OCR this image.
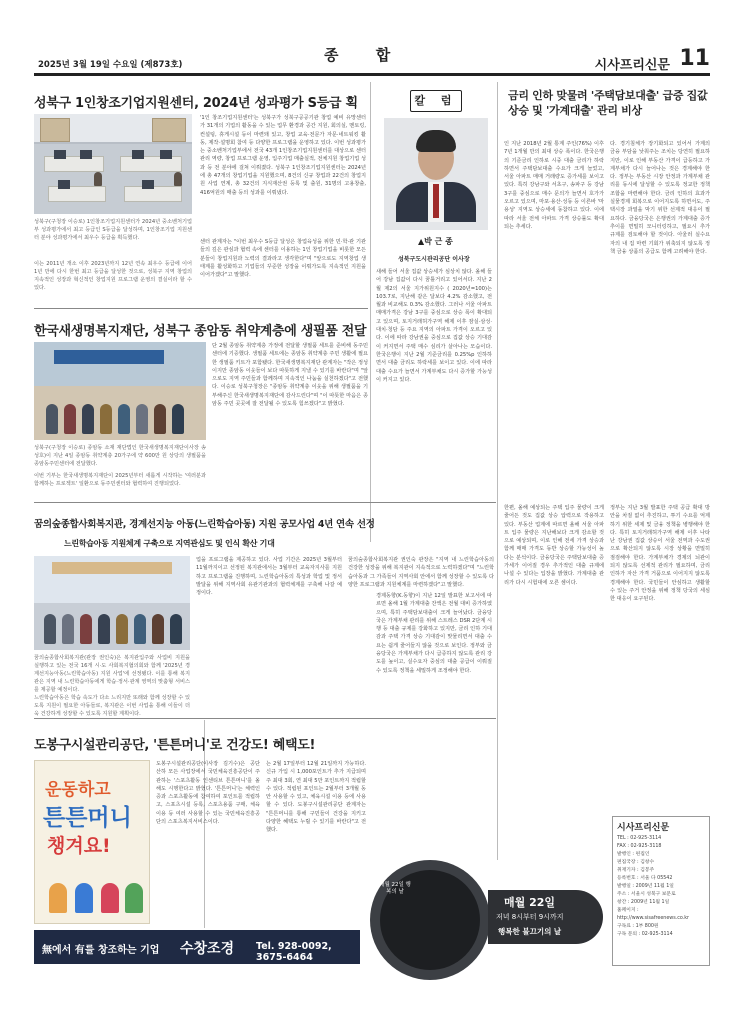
2025년 3월 19일 수요일 (제873호)
종 합
시사프리신문 11
성북구 1인창조기업지원센터, 2024년 성과평가 S등급 획
성북구(구청장 이승로) 1인창조기업지원센터가 2024년 중소벤처기업부 성과평가에서 최고 등급인 S등급을 달성하며, 1인창조기업 지원센터 분야 성과평가에서 최우수 등급을 획득했다.
이는 2011년 개소 이후 2023년까지 12년 연속 최우수 등급에 이어 1년 만에 다시 한번 최고 등급을 달성한 것으로, 성북구 지역 창업의 지속적인 성장과 혁신적인 창업지원 프로그램 운영의 결실이라 할 수 있다.
'1인 창조기업지원센터'는 성북구가 성북구공공기관 창업 예비 유망센터가 31개의 기업의 활동을 수 있는 업무 환경과 공간 지원, 회의실, 멘토링, 컨설팅, 휴게시설 등이 마련돼 있고, 창업 교육·전문가 자문·네트워킹 활동, 제작·설명회 참여 등 다양한 프로그램을 운영하고 있다. 이번 성과평가는 중소벤처기업부에서 전국 43개 1인창조기업지원센터를 대상으로 센터 관리 역량, 창업 프로그램 운영, 입주기업 매출실적, 전체지원 창업기업 성과 등 전 분야에 걸쳐 이뤄졌다. 성북구 1인창조기업지원센터는 2024년에 총 47개의 창업기업을 지원했으며, 8건의 신규 창업과 22건의 창업지원 사업 연계, 총 32건의 지식재산권 등록 및 출원, 31명의 고용창출, 416억원의 매출 등의 성과를 이뤄냈다.
센터 관계자는 "이번 최우수 S등급 달성은 창업육성을 위한 민·학·관 기관들의 깊은 관심과 협력 속에 센터를 이용하는 1인 창업기업을 비롯한 모든 분들이 창업지원과 노력의 결과라고 생각한다"며 "앞으로도 지역창업 생태계를 활성화하고 기업들의 꾸준한 성장을 이뤄가도록 지속적인 지원을 이어가겠다"고 말했다.
한국새생명복지재단, 성북구 종암동 취약계층에 생필품 전달
성북구(구청장 이승로) 종암동 소재 재단법인 한국새생명복지재단이사장 송성호)이 지난 4일 종암동 취약계층 20가구에 약 600만 원 상당의 생필품을 종암동주민센터에 전달했다.
이번 기부는 한국새생명복지재단이 2025년부터 새롭게 시작하는 '여러분과 함께하는 프로젝트' 일환으로 동주민센터와 협력하여 진행되었다.
단 2월 종암동 취약계층 가정에 전달할 생필품 세트를 준비해 동주민센터에 기증했다. 생필품 세트에는 종암동 취약계층 주민 생활에 필요한 생필품 키트가 포함됐다. 한국새생명복지재단 관계자는 "작은 정성이지만 종암동 이웃들이 보다 따뜻하게 지낼 수 있기를 바란다"며 "앞으로도 지역 주민들과 함께하며 지속적인 나눔을 실천하겠다"고 전했다. 이승로 성북구청장은 "종암동 취약계층 이웃을 위해 생필품을 기부해주신 한국새생명복지재단에 감사드린다"며 "이 따뜻한 마음은 종암동 주민 곳곳에 잘 전달될 수 있도록 힘쓰겠다"고 밝혔다.
꿈의숲종합사회복지관, 경계선지능 아동(느린학습아동) 지원 공모사업 4년 연속 선정
느린학습아동 지원체계 구축으로 지역관심도 및 인식 확산 기대
꿈의숲종합사회복지관(관장 권인숙)은 복지관입주와 사업비 지원을 실행하고 있는 전국 16개 시·도 사회복지협의회와 함께 '2025년 경계선지능아동(느린학습아동) 지원 사업'에 선정됐다. 이를 통해 복지관은 지역 내 느린학습아동에게 학습·정서·관계 영역의 맞춤형 서비스를 제공할 예정이다.
느린학습아동은 학습 속도가 다소 느리지만 또래와 함께 성장할 수 있도록 지원이 필요한 아동들로, 복지관은 이번 사업을 통해 이들이 더욱 건강하게 성장할 수 있도록 지원할 계획이다.
업을 프로그램을 제공하고 있다. 사업 기간은 2025년 3월부터 11월까지이고 선정된 복지관에서는 3월부터 교육자지사를 지원하고 프로그램을 진행하며, 느린학습아동의 특성과 학업 및 정서발달을 위해 지역사회 유관기관과의 협력체계를 구축해 나갈 예정이다.
꿈의숲종합사회복지관 권인숙 관장은 "지역 내 느린학습아동의 건강한 성장을 위해 복지관이 지속적으로 노력하겠다"며 "느린학습아동과 그 가족들이 지역사회 안에서 함께 성장할 수 있도록 다양한 프로그램과 지원체계를 마련하겠다"고 말했다.
도봉구시설관리공단, '튼튼머니'로 건강도! 혜택도!
운동하고
튼튼머니
챙겨요!
도봉구시설관리공단(이사장 김기수)은 공단 산하 모든 사업장에서 국민체육진흥공단이 주관하는 '스포츠활동 인센티브 튼튼머니'를 올해도 시행한다고 밝혔다. '튼튼머니'는 체력인증과 스포츠활동에 참여하여 포인트를 적립하고, 스포츠시설 등록, 스포츠용품 구매, 체육 이용 등 여러 사용할 수 있는 국민체육진흥공단의 스포츠복지서비스이다.
는 2월 17일부터 12월 21일까지 가능하다. 신규 가입 시 1,000포인트가 추가 지급되며 주 최대 3회, 연 최대 5만 포인트까지 적립할 수 있다. 적립된 포인트는 2월부터 3개월 동안 사용할 수 있고, 체육시설 이용 등에 사용할 수 있다. 도봉구시설관리공단 관계자는 "튼튼머니를 통해 구민들이 건강을 지키고 다양한 혜택도 누릴 수 있기를 바란다"고 전했다.
無에서 有를 창조하는 기업 수창조경 Tel. 928-0092, 3675-6464
칼 럼
▲박 근 종
성북구도시관리공단 이사장
새해 들어 서울 집값 상승세가 심상치 않다. 올해 들어 강남 집값이 다시 꿈틀거리고 있어서다. 지난 2월 제2의 서울 지가위원지수 ( 2020년=100)는 103.7로, 지난해 같은 달보다 4.2% 감소했고, 전월과 비교해도 0.3% 감소했다. 그러나 서울 아파트 매매가격은 강남 3구를 중심으로 상승 폭이 확대되고 있으며, 토지거래허가구역 해제 이후 잠실·삼성·대치·청담 등 주요 지역의 아파트 가격이 오르고 있다. 이에 따라 강남권을 중심으로 집값 상승 기대감이 커지면서 주택 매수 심리가 살아나는 모습이다. 한국은행이 지난 2월 기준금리를 0.25%p 인하하면서 대출 금리도 하락세를 보이고 있다. 이에 따라 대출 수요가 늘면서 가계부채도 다시 증가할 가능성이 커지고 있다.
경제동향(K.동향)이 지난 12일 발표한 보고서에 따르면 올해 1월 가계대출 잔액은 전월 대비 증가하였으며, 특히 주택담보대출이 크게 늘어났다. 금융당국은 가계부채 관리를 위해 스트레스 DSR 2단계 시행 등 대출 규제를 강화하고 있지만, 금리 인하 기대감과 주택 가격 상승 기대감이 맞물리면서 대출 수요는 쉽게 줄어들지 않을 것으로 보인다. 정부와 금융당국은 가계부채가 다시 급증하지 않도록 관리 강도를 높이고, 실수요자 중심의 대출 공급이 이뤄질 수 있도록 정책을 세밀하게 조정해야 한다.
금리 인하 맞물려 '주택담보대출' 급증 집값 상승 및 '가계대출' 관리 비상
인 지난 2018년 2월 통계 주인(76%) 이후 7년 1개월 만의 최대 상승 폭이다. 한국은행의 기준금리 인하로 시중 대출 금리가 하락하면서 주택담보대출 수요가 크게 늘었고, 서울 아파트 매매 거래량도 증가세를 보이고 있다. 특히 강남구와 서초구, 송파구 등 강남 3구를 중심으로 매수 문의가 늘면서 호가가 오르고 있으며, 마포·용산·성동 등 이른바 '마용성' 지역도 상승세에 동참하고 있다. 이에 따라 서울 전체 아파트 가격 상승률도 확대되는 추세다.
한편, 올해 예상되는 주택 입주 물량이 크게 줄어든 것도 집값 상승 압력으로 작용하고 있다. 부동산 업계에 따르면 올해 서울 아파트 입주 물량은 지난해보다 크게 감소할 것으로 예상되며, 이로 인해 전세 가격 상승과 함께 매매 가격도 동반 상승할 가능성이 높다는 분석이다. 금융당국은 주택담보대출 증가세가 이어질 경우 추가적인 대출 규제에 나설 수 있다는 입장을 밝혔다. 가계대출 관리가 다시 시험대에 오른 셈이다.
다. 경기침체가 장기화되고 있어서 가계의 금융 부담을 낮춰주는 조치는 당연히 필요하지만, 이로 인해 부동산 가격이 급등하고 가계부채가 다시 늘어나는 것은 경계해야 한다. 정부는 부동산 시장 안정과 가계부채 관리를 동시에 달성할 수 있도록 정교한 정책 조합을 마련해야 한다. 금리 인하의 효과가 실물경제 회복으로 이어지도록 하면서도, 주택시장 과열을 막기 위한 선제적 대응이 필요하다. 금융당국은 은행권의 가계대출 증가 추이를 면밀히 모니터링하고, 필요시 추가 규제를 검토해야 할 것이다. 아울러 실수요자의 내 집 마련 기회가 위축되지 않도록 정책 금융 상품의 공급도 함께 고려해야 한다.
정부는 지난 3월 발표한 주택 공급 확대 방안을 차질 없이 추진하고, 투기 수요를 억제하기 위한 세제 및 금융 정책을 병행해야 한다. 특히 토지거래허가구역 해제 이후 나타난 강남권 집값 상승이 서울 전역과 수도권으로 확산되지 않도록 시장 상황을 면밀히 점검해야 한다. 가계부채가 경제의 뇌관이 되지 않도록 선제적 관리가 필요하며, 금리 인하가 자산 가격 거품으로 이어지지 않도록 경계해야 한다. 국민들이 안심하고 생활할 수 있는 주거 안정을 위해 정책 당국의 세심한 대응이 요구된다.
매월 22일
저녁 8시부터 9시까지
행복한 불끄기의 날
매월 22일 행복의 날
시사프리신문
TEL : 02-925-3114
FAX : 02-925-3118
발행인 : 편집인
편집국장 : 김창수
취재기자 : 김봉주
등록번호 : 서울 다 05542
발행일 : 2009년 11월 1일
주소 : 서울시 성북구 보문로
창간 : 2009년 11월 1일
홈페이지 : http://www.sisafreenews.co.kr
구독료 : 1부 800원
구독 문의 : 02-925-3114
